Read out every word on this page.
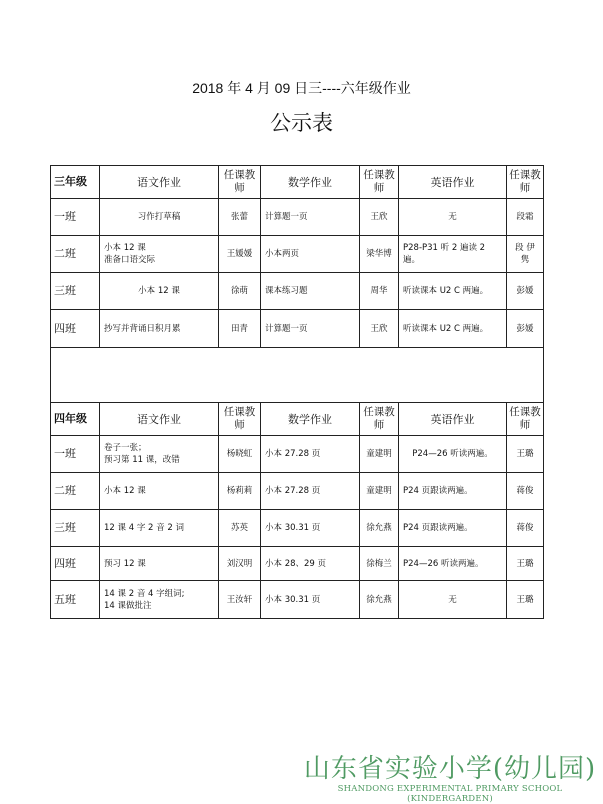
2018 年 4 月 09 日三----六年级作业
公示表
三年级	语文作业	任课教师	数学作业	任课教师	英语作业	任课教师
一班	习作打草稿	张蕾	计算题一页	王欣	无	段霜
二班	小本 12 课
准备口语交际	王媛媛	小本两页	梁华博	P28-P31 听 2 遍读 2 遍。	段 伊 隽
三班	小本 12 课	徐萌	课本练习题	周华	听读课本 U2 C 两遍。	彭媛
四班	抄写并背诵日积月累	田青	计算题一页	王欣	听读课本 U2 C 两遍。	彭媛

四年级	语文作业	任课教师	数学作业	任课教师	英语作业	任课教师
一班	卷子一张；
预习第 11 课，改错	杨晓虹	小本 27.28 页	童建明	P24—26 听读两遍。	王璐
二班	小本 12 课	杨莉莉	小本 27.28 页	童建明	P24 页跟读两遍。	蒋俊
三班	12 课 4 字 2 音 2 词	苏英	小本 30.31 页	徐允燕	P24 页跟读两遍。	蒋俊
四班	预习 12 课	刘汉明	小本 28、29 页	徐梅兰	P24—26 听读两遍。	王璐
五班	14 课 2 音 4 字组词;
14 课做批注	王汝轩	小本 30.31 页	徐允燕	无	王璐
山东省实验小学(幼儿园)
SHANDONG EXPERIMENTAL PRIMARY SCHOOL (KINDERGARDEN)
